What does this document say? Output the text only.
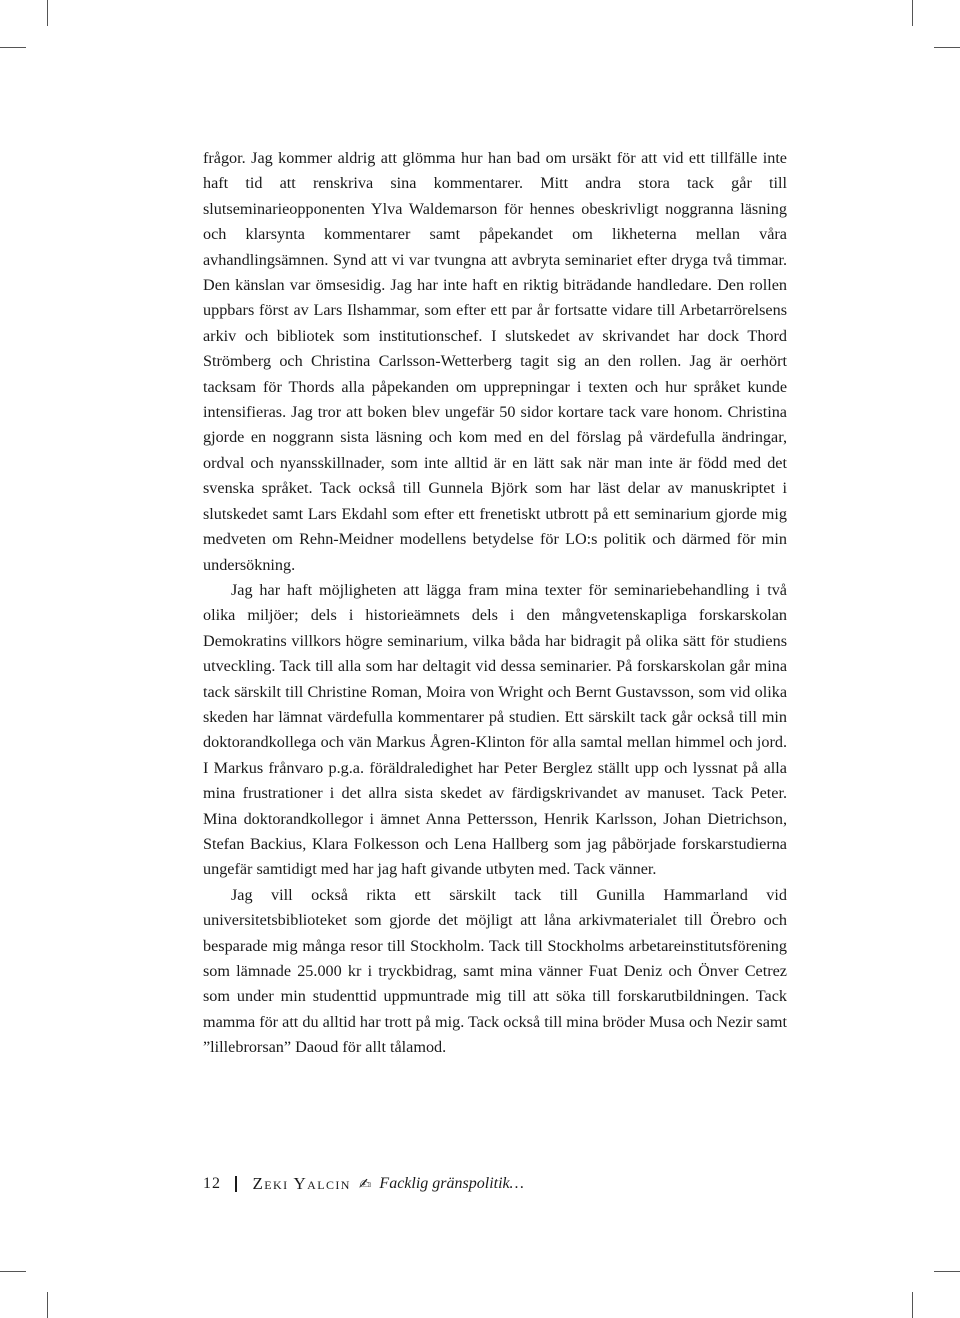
frågor. Jag kommer aldrig att glömma hur han bad om ursäkt för att vid ett tillfälle inte haft tid att renskriva sina kommentarer. Mitt andra stora tack går till slutseminarieopponenten Ylva Waldemarson för hennes obeskrivligt noggranna läsning och klarsynta kommentarer samt påpekandet om likheterna mellan våra avhandlingsämnen. Synd att vi var tvungna att avbryta seminariet efter dryga två timmar. Den känslan var ömsesidig. Jag har inte haft en riktig biträdande handledare. Den rollen uppbars först av Lars Ilshammar, som efter ett par år fortsatte vidare till Arbetarrörelsens arkiv och bibliotek som institutionschef. I slutskedet av skrivandet har dock Thord Strömberg och Christina Carlsson-Wetterberg tagit sig an den rollen. Jag är oerhört tacksam för Thords alla påpekanden om upprepningar i texten och hur språket kunde intensifieras. Jag tror att boken blev ungefär 50 sidor kortare tack vare honom. Christina gjorde en noggrann sista läsning och kom med en del förslag på värdefulla ändringar, ordval och nyansskillnader, som inte alltid är en lätt sak när man inte är född med det svenska språket. Tack också till Gunnela Björk som har läst delar av manuskriptet i slutskedet samt Lars Ekdahl som efter ett frenetiskt utbrott på ett seminarium gjorde mig medveten om Rehn-Meidner modellens betydelse för LO:s politik och därmed för min undersökning.

Jag har haft möjligheten att lägga fram mina texter för seminariebehandling i två olika miljöer; dels i historieämnets dels i den mångvetenskapliga forskarskolan Demokratins villkors högre seminarium, vilka båda har bidragit på olika sätt för studiens utveckling. Tack till alla som har deltagit vid dessa seminarier. På forskarskolan går mina tack särskilt till Christine Roman, Moira von Wright och Bernt Gustavsson, som vid olika skeden har lämnat värdefulla kommentarer på studien. Ett särskilt tack går också till min doktorandkollega och vän Markus Ågren-Klinton för alla samtal mellan himmel och jord. I Markus frånvaro p.g.a. föräldraledighet har Peter Berglez ställt upp och lyssnat på alla mina frustrationer i det allra sista skedet av färdigskrivandet av manuset. Tack Peter. Mina doktorandkollegor i ämnet Anna Pettersson, Henrik Karlsson, Johan Dietrichson, Stefan Backius, Klara Folkesson och Lena Hallberg som jag påbörjade forskarstudierna ungefär samtidigt med har jag haft givande utbyten med. Tack vänner.

Jag vill också rikta ett särskilt tack till Gunilla Hammarland vid universitetsbiblioteket som gjorde det möjligt att låna arkivmaterialet till Örebro och besparade mig många resor till Stockholm. Tack till Stockholms arbetareinstitutsförening som lämnade 25.000 kr i tryckbidrag, samt mina vänner Fuat Deniz och Önver Cetrez som under min studenttid uppmuntrade mig till att söka till forskarutbildningen. Tack mamma för att du alltid har trott på mig. Tack också till mina bröder Musa och Nezir samt ”lillebrorsan” Daoud för allt tålamod.

12 Zeki Yalcin ✍ Facklig gränspolitik…
